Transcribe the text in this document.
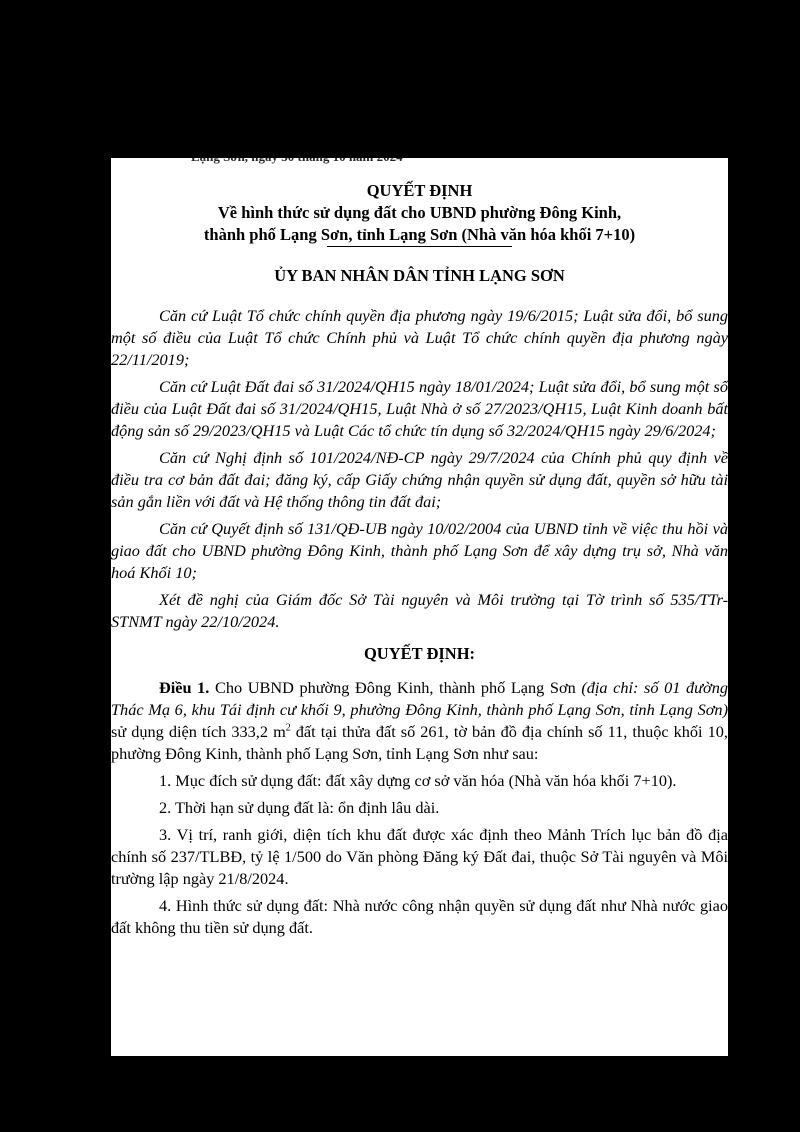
Lạng Sơn, ngày 30 tháng 10 năm 2024
QUYẾT ĐỊNH
Về hình thức sử dụng đất cho UBND phường Đông Kinh,
thành phố Lạng Sơn, tỉnh Lạng Sơn (Nhà văn hóa khối 7+10)
ỦY BAN NHÂN DÂN TỈNH LẠNG SƠN

Căn cứ Luật Tổ chức chính quyền địa phương ngày 19/6/2015; Luật sửa đổi, bổ sung một số điều của Luật Tổ chức Chính phủ và Luật Tổ chức chính quyền địa phương ngày 22/11/2019;

Căn cứ Luật Đất đai số 31/2024/QH15 ngày 18/01/2024; Luật sửa đổi, bổ sung một số điều của Luật Đất đai số 31/2024/QH15, Luật Nhà ở số 27/2023/QH15, Luật Kinh doanh bất động sản số 29/2023/QH15 và Luật Các tổ chức tín dụng số 32/2024/QH15 ngày 29/6/2024;

Căn cứ Nghị định số 101/2024/NĐ-CP ngày 29/7/2024 của Chính phủ quy định về điều tra cơ bản đất đai; đăng ký, cấp Giấy chứng nhận quyền sử dụng đất, quyền sở hữu tài sản gắn liền với đất và Hệ thống thông tin đất đai;

Căn cứ Quyết định số 131/QĐ-UB ngày 10/02/2004 của UBND tỉnh về việc thu hồi và giao đất cho UBND phường Đông Kinh, thành phố Lạng Sơn để xây dựng trụ sở, Nhà văn hoá Khối 10;

Xét đề nghị của Giám đốc Sở Tài nguyên và Môi trường tại Tờ trình số 535/TTr-STNMT ngày 22/10/2024.

QUYẾT ĐỊNH:

Điều 1. Cho UBND phường Đông Kinh, thành phố Lạng Sơn (địa chỉ: số 01 đường Thác Mạ 6, khu Tái định cư khối 9, phường Đông Kinh, thành phố Lạng Sơn, tỉnh Lạng Sơn) sử dụng diện tích 333,2 $m^2$ đất tại thửa đất số 261, tờ bản đồ địa chính số 11, thuộc khối 10, phường Đông Kinh, thành phố Lạng Sơn, tỉnh Lạng Sơn như sau:

1. Mục đích sử dụng đất: đất xây dựng cơ sở văn hóa (Nhà văn hóa khối 7+10).

2. Thời hạn sử dụng đất là: ổn định lâu dài.

3. Vị trí, ranh giới, diện tích khu đất được xác định theo Mảnh Trích lục bản đồ địa chính số 237/TLBĐ, tỷ lệ 1/500 do Văn phòng Đăng ký Đất đai, thuộc Sở Tài nguyên và Môi trường lập ngày 21/8/2024.

4. Hình thức sử dụng đất: Nhà nước công nhận quyền sử dụng đất như Nhà nước giao đất không thu tiền sử dụng đất.
